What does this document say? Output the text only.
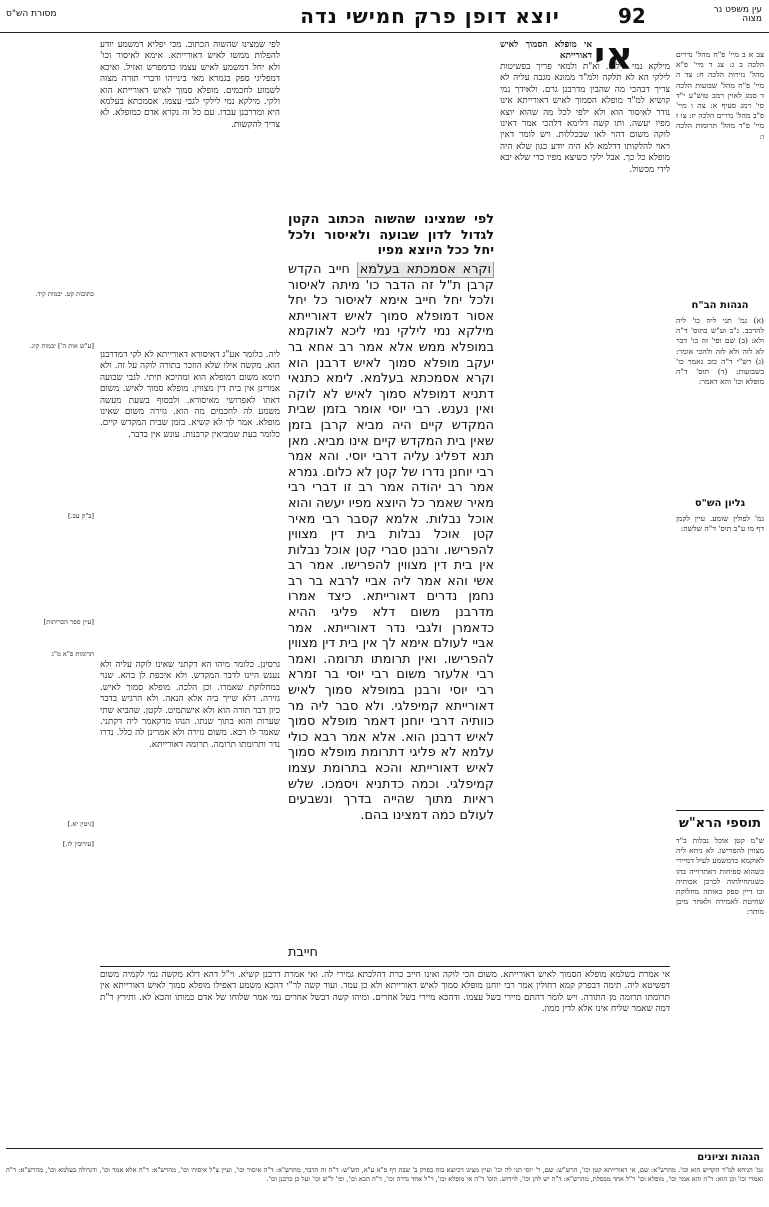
מסורת הש"ס	יוצא דופן פרק חמישי נדה	92	עין משפט נר מצוה
צב א ב מיי' פ"ח מהל' נדרים הלכה ב ג: צג ד מיי' פ"א מהל' נזירות הלכה ח: צד ה מיי' פ"ח מהל' שבועות הלכה ד סמג לאוין רמב טוש"ע י"ד סי' רמג סעיף א: צה ו מיי' פ"ב מהל' נדרים הלכה יז: צו ז מיי' פ"ד מהל' תרומות הלכה ו:
הגהות הב"ח
(א) גמ' תני ליה כו' ליה להרכב. נ"ב וע"ש בתוס' ד"ה ולא: (ב) שם ופי' זה כו' דבר לא לזה ולא לזה ולהכי אומר: (ג) רש"י ד"ה כזב נאמר כו' בשבועות: (ד) תוס' ד"ה מופלא וכו' והא דאמר:
גליון הש"ס
גמ' לפולין שומע. עיין לקמן דף מו ע"ב תוס' ד"ה שלשה:
תוספי הרא"ש
ש"מ קטן אוכל נבלות ב"ד מצווין להפרישו. לא ניחא ליה לאוקמא כדמשמע לעיל דמיירי כשהוא ספיחות דאתרוייה בהו כשנתחילתוה לכרכן אכותיה ובו דיין ספק כאותה מחלוקת שחיטת לאמירה ולאחר מיכן מותר:
אי
אי מופלא הסמוך לאיש דאורייתא
מילקא נמי לילקי. וא"ת ולמאי פריך בפשיטות לילקי הא לא תלקה ולמ"ד ממונא מגבה עליה לא צריך דבהכי מה שהבין מדרבנן גרם. ולאידך נמי קושיא למ"ד מופלא הסמוך לאיש דאורייתא אינו נודר לאיסור הוא ולא ילפי לכל מה שהוא יוצא מפיו יעשה. ותו קשה דלימא דלהכי אמר דאינו לוקה משום דהוי לאו שבכללות. ויש לומר דאין ראוי להלקותו דדלמא לא היה יודע כגון שלא היה מופלא כל כך. אבל ילקי כשיצא מפיו כדי שלא יבא לידי מכשול.
לפי שמצינו שהשוה הכתוב. מכי יפליא דמשמע יודע להפלות ממשו לאיש דאורייתא. אימא לאיסור וכו' ולא יחל דמשמע לאיש עצמו כדמפרש ואזיל. ואיכא דמפליגי ספק בגמרא מאי בינייהו ודברי תורה מצוה לשמוע לחכמים. מופלא סמוך לאיש דאורייתא הוא ולקי. מילקא נמי לילקי לגבי עצמו. אסמכתא בעלמא היא ומדרבנן עבדו. עם כל זה נקרא אדם כמופלא. לא צריך להקשות.
ליה. כלומר אע"ג דאיסורא דאורייתא לא לקי דמדרבנן הוא. מקשה אילו שלא הוזכר בתורה לוקה על זה. ולא תימא משום דמופלא הוא ומהיכא תיתי. לגבי שבועה אמרינן אין בית דין מצווין. מופלא סמוך לאיש. משום דאתו לאפרושי מאיסורא. ולבסוף בשעת מעשה משמע לה לחכמים מה הוא. גזירה משום שאינו מופלא. אמר לך לא קשיא. בזמן שבית המקדש קיים. כלומר בעת שמביאין קרבנות. עונש אין בדבר.
גרסינן. כלומר מיהו הא דקתני שאינו לוקה עליה ולא נענש היינו לדבר המקדש. ולא איכפת לן בהא. שנוי במחלוקת שאמרו. וכן הלכה. מופלא סמוך לאיש. גזירה. דלא שייך ביה אלא הנאה. ולא הרגיש בדבר כיון דבר תורה הוא ולא אישתמיט. לקטן. שהביא שתי שערות והוא בתוך שנתו. הנהו מדקאמר ליה דקתני. שאמר לו רבא. משום גזירה ולא אמרינן לה כלל. נדרו נדר ותרומתו תרומה. תרומה דאורייתא.
כתובות קט. יבמות קיד.
[ע"ש אות ה'] יבמות קיג.
[עיין ספר הכריתות]
תרומות פ"א מ"ג
[גיטין יא.]
[ב"ק עב.]
[עירובין לו.]
לפי שמצינו שהשוה הכתוב הקטן לגדול לדון שבועה ולאיסור ולכל יחל ככל היוצא מפיו
וקרא אסמכתא בעלמא חייב הקדש קרבן ת"ל זה הדבר כו' מיתה לאיסור ולכל יחל חייב אימא לאיסור כל יחל אסור דמופלא סמוך לאיש דאורייתא מילקא נמי לילקי נמי ליכא לאוקמא במופלא ממש אלא אמר רב אחא בר יעקב מופלא סמוך לאיש דרבנן הוא וקרא אסמכתא בעלמא. לימא כתנאי דתניא דמופלא סמוך לאיש לא לוקה ואין נענש. רבי יוסי אומר בזמן שבית המקדש קיים היה מביא קרבן בזמן שאין בית המקדש קיים אינו מביא. מאן תנא דפליג עליה דרבי יוסי. והא אמר רבי יוחנן נדרו של קטן לא כלום. גמרא אמר רב יהודה אמר רב זו דברי רבי מאיר שאמר כל היוצא מפיו יעשה והוא אוכל נבלות. אלמא קסבר רבי מאיר קטן אוכל נבלות בית דין מצווין להפרישו. ורבנן סברי קטן אוכל נבלות אין בית דין מצווין להפרישו. אמר רב אשי והא אמר ליה אביי לרבא בר רב נחמן נדרים דאורייתא. כיצד אמרו מדרבנן משום דלא פליגי ההיא כדאמרן ולגבי נדר דאורייתא. אמר אביי לעולם אימא לך אין בית דין מצווין להפרישו. ואין תרומתו תרומה. ואמר רבי אלעזר משום רבי יוסי בר זמרא רבי יוסי ורבנן במופלא סמוך לאיש דאורייתא קמיפלגי. ולא סבר ליה מר כוותיה דרבי יוחנן דאמר מופלא סמוך לאיש דרבנן הוא. אלא אמר רבא כולי עלמא לא פליגי דתרומת מופלא סמוך לאיש דאורייתא והכא בתרומת עצמו קמיפלגי. וכמה כדתניא ויסמכו. שלש ראיות מתוך שהייה בדרך ונשבעים לעולם כמה דמצינו בהם.
חייבת
אי אמרת בשלמא מופלא הסמוך לאיש דאורייתא. משום הכי לוקה ואינו חייב כרת דהלכתא גמירי לה. ואי אמרת דרבנן קשיא. וי"ל דהא דלא מקשה נמי לקמיה משום דפשיטא ליה. תימה דבפרק קמא דחולין אמר רבי יוחנן מופלא סמוך לאיש דאורייתא ולא כן עמד. ועוד קשה לר"י דהכא משמע דאפילו מופלא סמוך לאיש דאורייתא אין תרומתו תרומה מן התורה. ויש לומר דהתם מיירי בשל עצמו. ודהכא מיירי בשל אחרים. ומיהו קשה דבשל אחרים נמי אמר שלוחו של אדם כמותו והכא לא. ותירץ ר"ת דמה שאמר שליח אינו אלא לדין ממון.
הגהות וציונים
גמ' הניחא למ"ד הקדיש הוא וכו'. מהרש"א: שם, אי דאורייתא קטן וכו', הרש"ש: שם, ר' יוסי תני לה וכו' ועיין מצינו דכיוצא בזה בפרק ב' שבת דף פ"א ע"א, הש"ש: ד"ה זה הדבר, מהרש"א: ד"ה איסור וכו', ועיין צ"ל איסורו וכו', מהרש"א: ד"ה אלא אמר וכו', ודגדולה בעלמא וכו', מהרש"א: ד"ה ואמרי וכו' וכן הוא: ד"ה והא אמר וכו', מופלא וכו' ר"ל אחד מבסלת, מהרש"א: ד"ה יש להן וכו', לוידוש. תוס' ד"ה אי מופלא וכו', ר"ל אחד נדרה וכו', ד"ה הכא וכו', ופי' ל"ש וכו' ועל כן כרבנן וכו'.
